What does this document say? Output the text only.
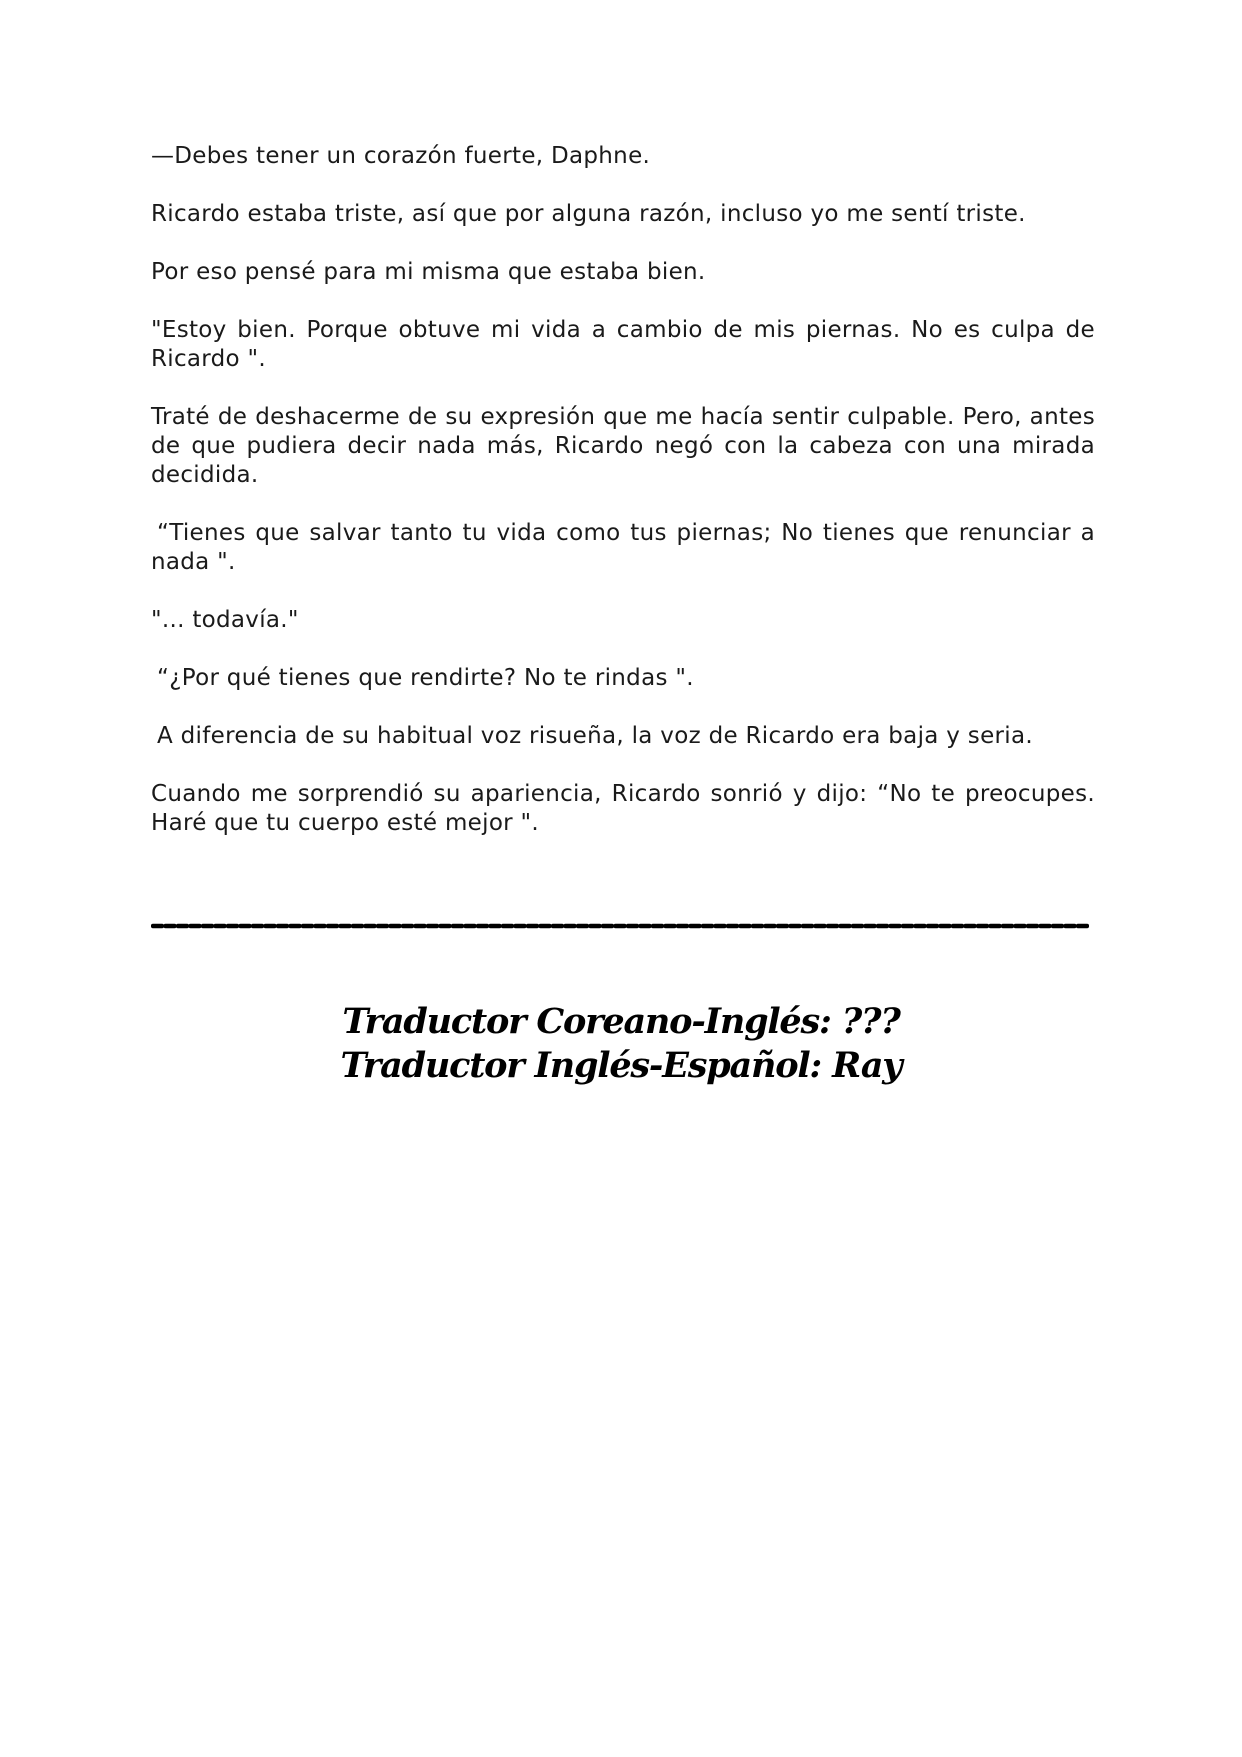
—Debes tener un corazón fuerte, Daphne.

Ricardo estaba triste, así que por alguna razón, incluso yo me sentí triste.

Por eso pensé para mi misma que estaba bien.

"Estoy bien. Porque obtuve mi vida a cambio de mis piernas. No es culpa de Ricardo ".

Traté de deshacerme de su expresión que me hacía sentir culpable. Pero, antes de que pudiera decir nada más, Ricardo negó con la cabeza con una mirada decidida.

“Tienes que salvar tanto tu vida como tus piernas; No tienes que renunciar a nada ".

"... todavía."

“¿Por qué tienes que rendirte? No te rindas ".

A diferencia de su habitual voz risueña, la voz de Ricardo era baja y seria.

Cuando me sorprendió su apariencia, Ricardo sonrió y dijo: “No te preocupes. Haré que tu cuerpo esté mejor ".

Traductor Coreano-Inglés: ???
Traductor Inglés-Español: Ray
